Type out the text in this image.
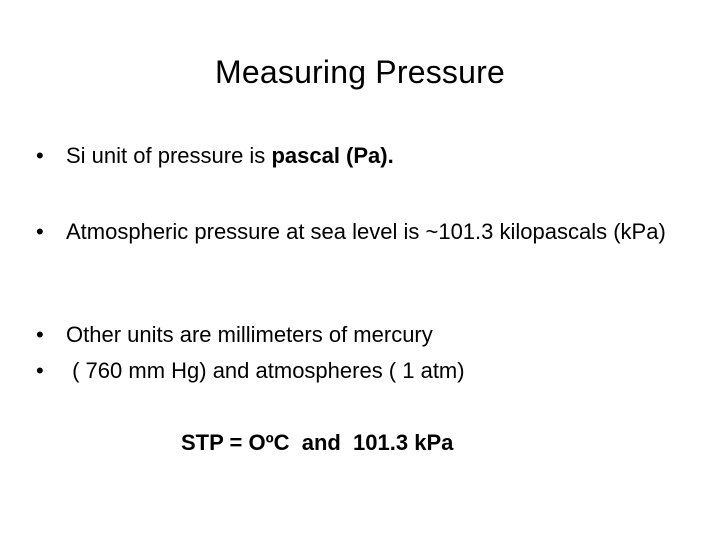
Measuring Pressure
•	Si unit of pressure is pascal (Pa).
•	Atmospheric pressure at sea level is ~101.3 kilopascals (kPa)
•	Other units are millimeters of mercury
•	( 760 mm Hg) and atmospheres ( 1 atm)
STP = OºC  and  101.3 kPa
